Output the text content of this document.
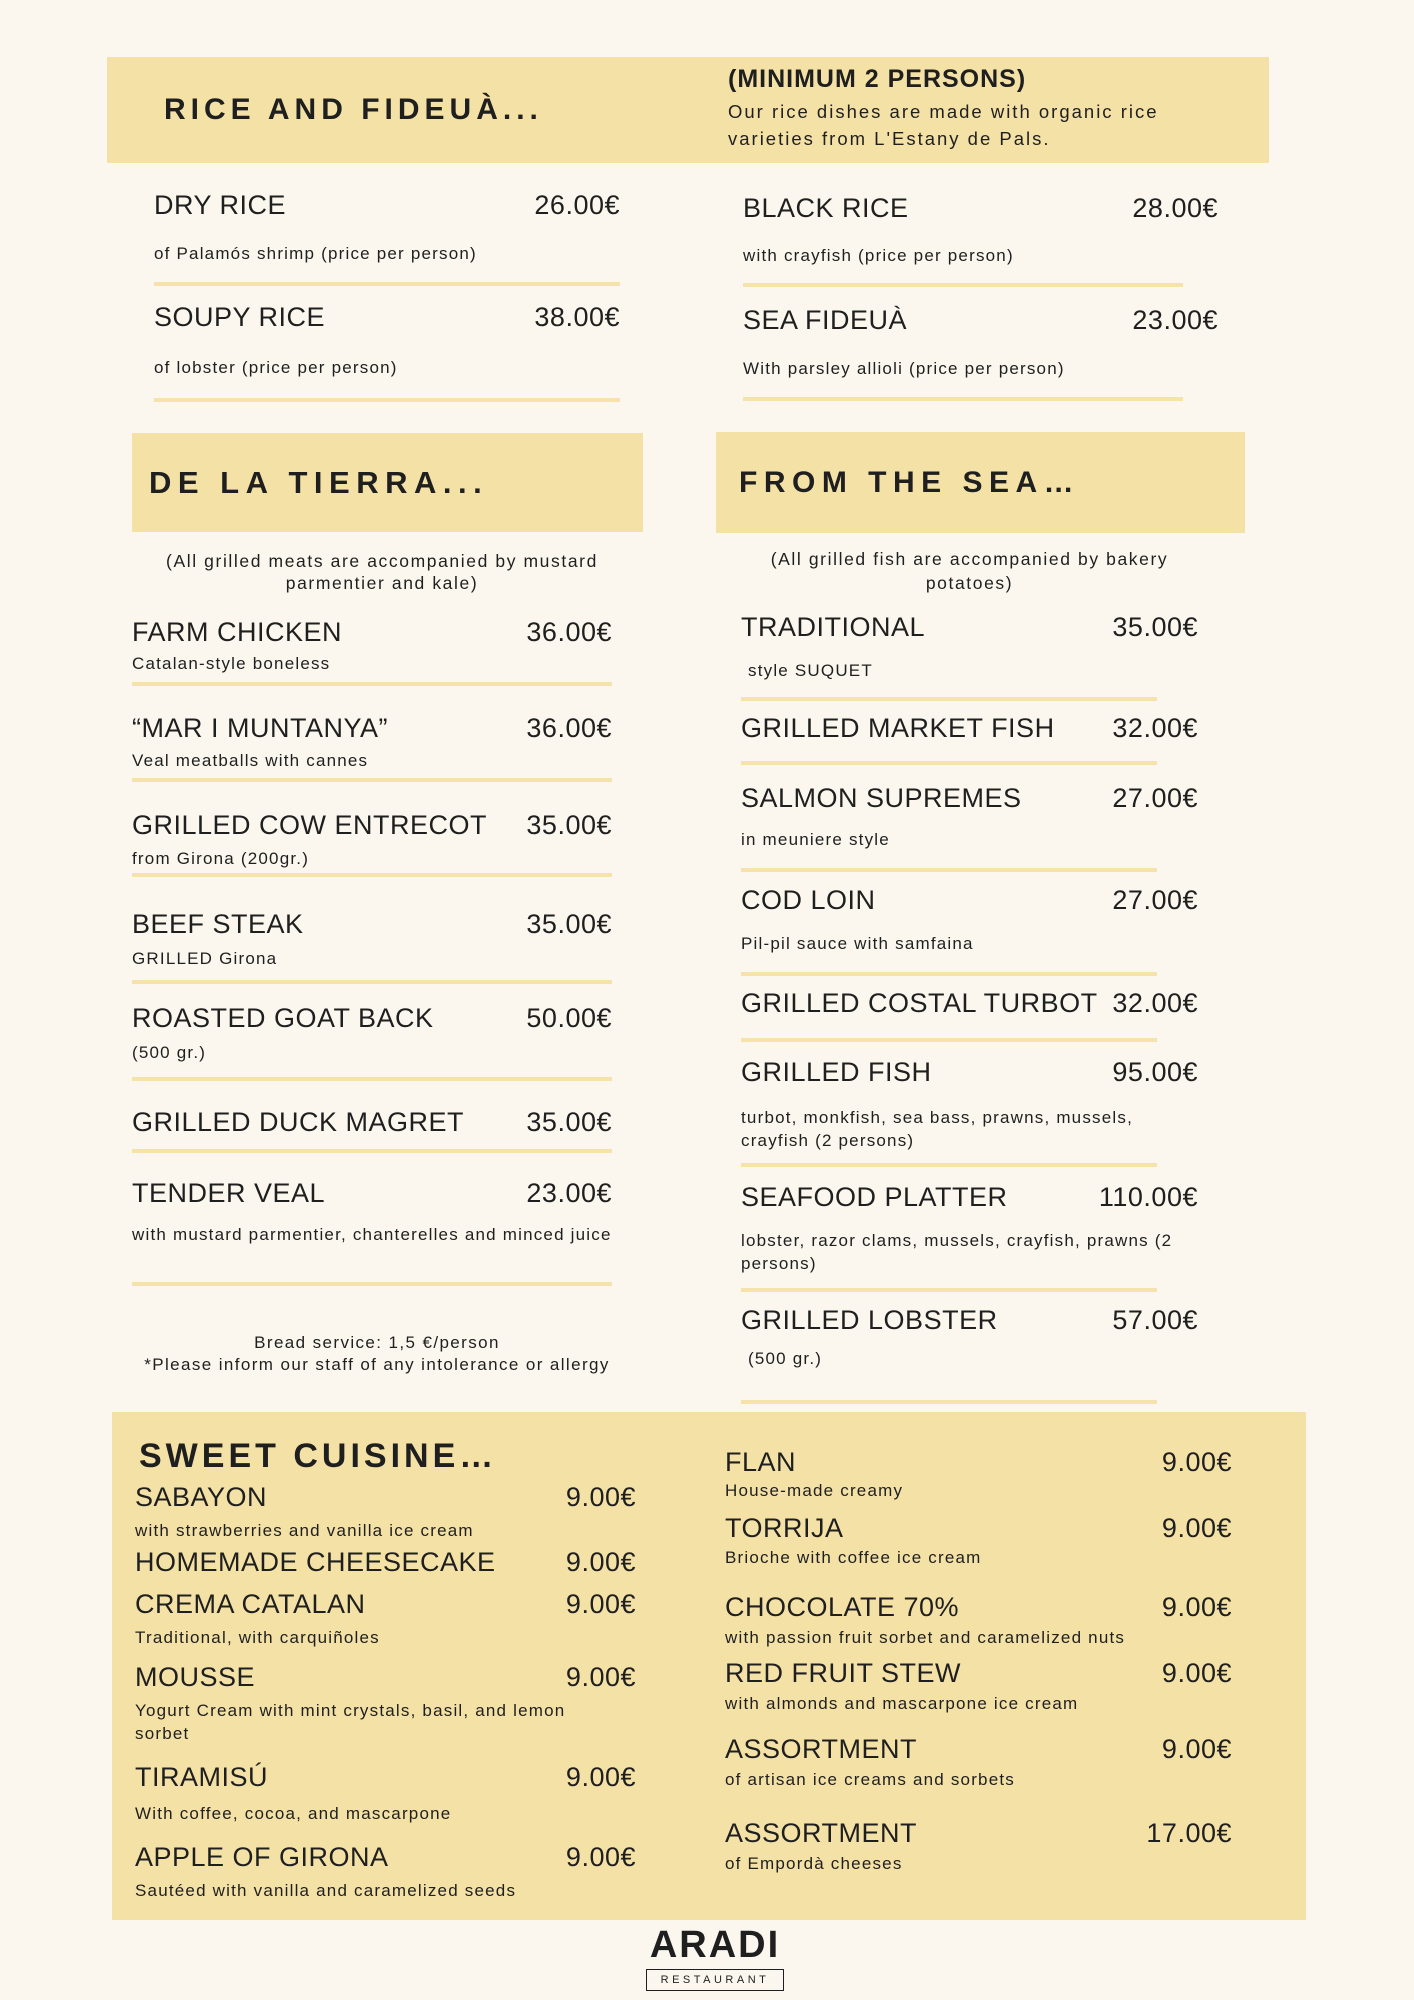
RICE AND FIDEUÀ...
(MINIMUM 2 PERSONS)
Our rice dishes are made with organic rice varieties from L'Estany de Pals.
DRY RICE	26.00€
of Palamós shrimp (price per person)
SOUPY RICE	38.00€
of lobster (price per person)
BLACK RICE	28.00€
with crayfish (price per person)
SEA FIDEUÀ	23.00€
With parsley allioli (price per person)
DE LA TIERRA...	FROM THE SEA…
(All grilled meats are accompanied by mustard parmentier and kale)
(All grilled fish are accompanied by bakery potatoes)
FARM CHICKEN	36.00€
Catalan-style boneless
“MAR I MUNTANYA”	36.00€
Veal meatballs with cannes
GRILLED COW ENTRECOT 35.00€
from Girona (200gr.)
BEEF STEAK	35.00€
GRILLED Girona
ROASTED GOAT BACK	50.00€
(500 gr.)
GRILLED DUCK MAGRET 35.00€
TENDER VEAL	23.00€
with mustard parmentier, chanterelles and minced juice
TRADITIONAL	35.00€
style SUQUET
GRILLED MARKET FISH 32.00€
SALMON SUPREMES	27.00€
in meuniere style
COD LOIN	27.00€
Pil-pil sauce with samfaina
GRILLED COSTAL TURBOT 32.00€
GRILLED FISH	95.00€
turbot, monkfish, sea bass, prawns, mussels, crayfish (2 persons)
SEAFOOD PLATTER	110.00€
lobster, razor clams, mussels, crayfish, prawns (2 persons)
GRILLED LOBSTER	57.00€
(500 gr.)
Bread service: 1,5 €/person
*Please inform our staff of any intolerance or allergy
SWEET CUISINE…
SABAYON	9.00€
with strawberries and vanilla ice cream
HOMEMADE CHEESECAKE	9.00€
CREMA CATALAN	9.00€
Traditional, with carquiñoles
MOUSSE	9.00€
Yogurt Cream with mint crystals, basil, and lemon sorbet
TIRAMISÚ	9.00€
With coffee, cocoa, and mascarpone
APPLE OF GIRONA	9.00€
Sautéed with vanilla and caramelized seeds
FLAN	9.00€
House-made creamy
TORRIJA	9.00€
Brioche with coffee ice cream
CHOCOLATE 70%	9.00€
with passion fruit sorbet and caramelized nuts
RED FRUIT STEW	9.00€
with almonds and mascarpone ice cream
ASSORTMENT	9.00€
of artisan ice creams and sorbets
ASSORTMENT	17.00€
of Empordà cheeses
ARADI
RESTAURANT
